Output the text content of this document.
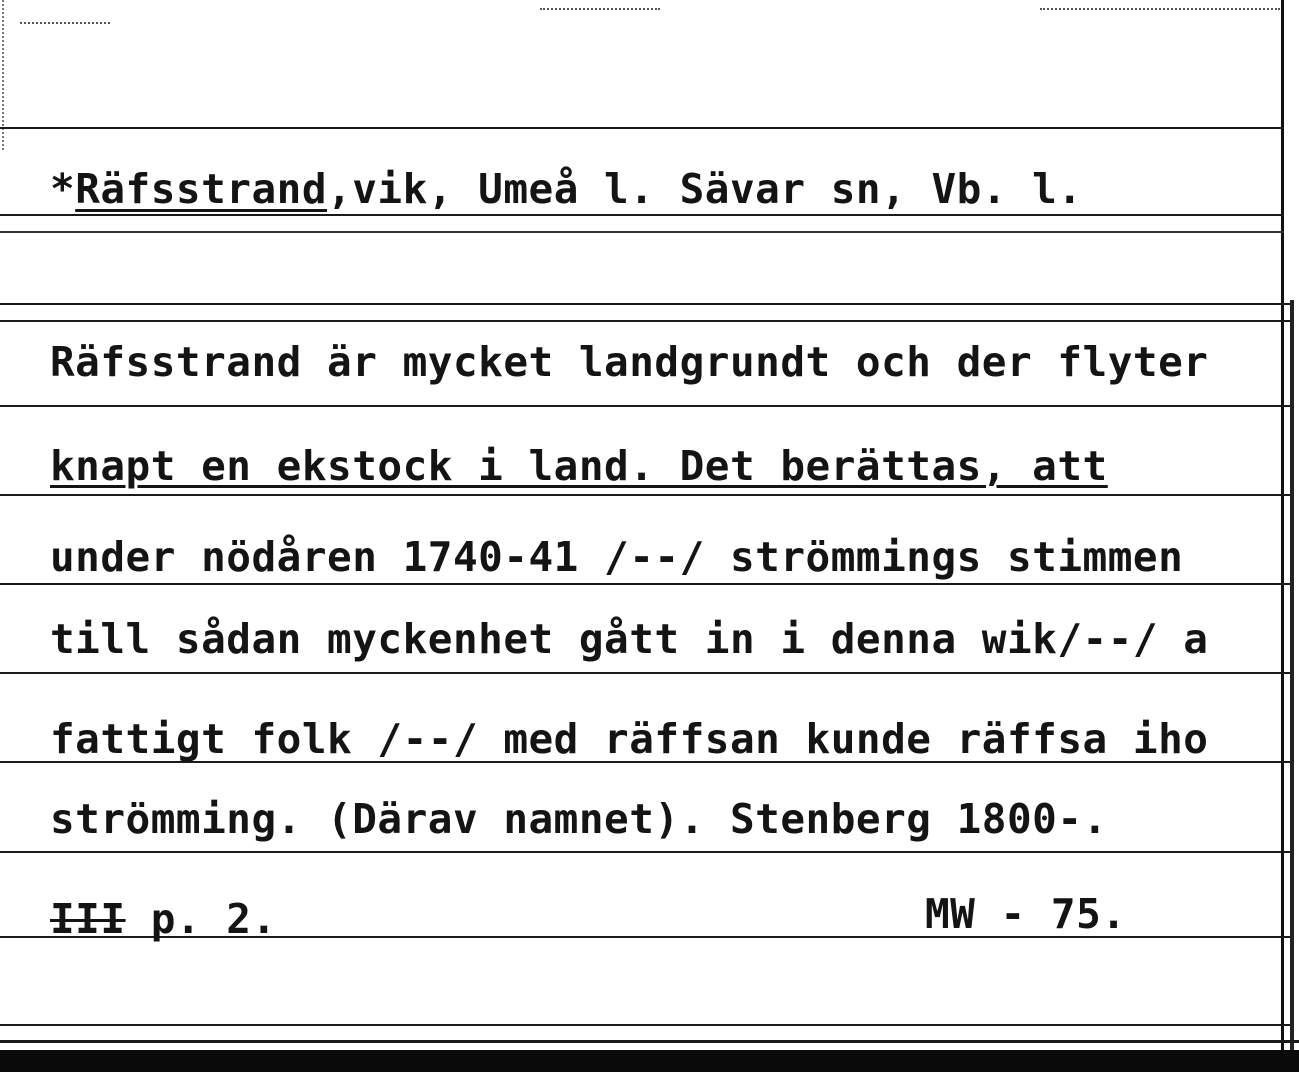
*Räfsstrand,vik, Umeå l. Sävar sn, Vb. l.
Räfsstrand är mycket landgrundt och der flyter
knapt en ekstock i land. Det berättas, att
under nödåren 1740-41 /--/ strömmings stimmen
till sådan myckenhet gått in i denna wik/--/ a
fattigt folk /--/ med räffsan kunde räffsa iho
strömming. (Därav namnet). Stenberg 1800-.
III p. 2.	MW - 75.
